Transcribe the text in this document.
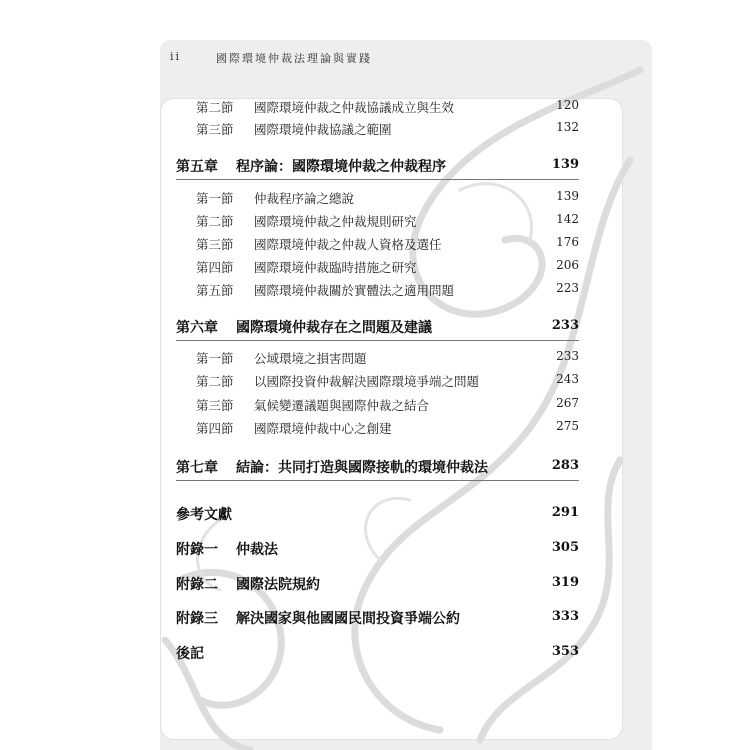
ii	國際環境仲裁法理論與實踐
第二節 國際環境仲裁之仲裁協議成立與生效	120
第三節 國際環境仲裁協議之範圍	132
第五章 程序論：國際環境仲裁之仲裁程序	139
第一節 仲裁程序論之總說	139
第二節 國際環境仲裁之仲裁規則研究	142
第三節 國際環境仲裁之仲裁人資格及選任	176
第四節 國際環境仲裁臨時措施之研究	206
第五節 國際環境仲裁關於實體法之適用問題	223
第六章 國際環境仲裁存在之問題及建議	233
第一節 公域環境之損害問題	233
第二節 以國際投資仲裁解決國際環境爭端之問題	243
第三節 氣候變遷議題與國際仲裁之結合	267
第四節 國際環境仲裁中心之創建	275
第七章 結論：共同打造與國際接軌的環境仲裁法	283
參考文獻	291
附錄一 仲裁法	305
附錄二 國際法院規約	319
附錄三 解決國家與他國國民間投資爭端公約	333
後記	353
